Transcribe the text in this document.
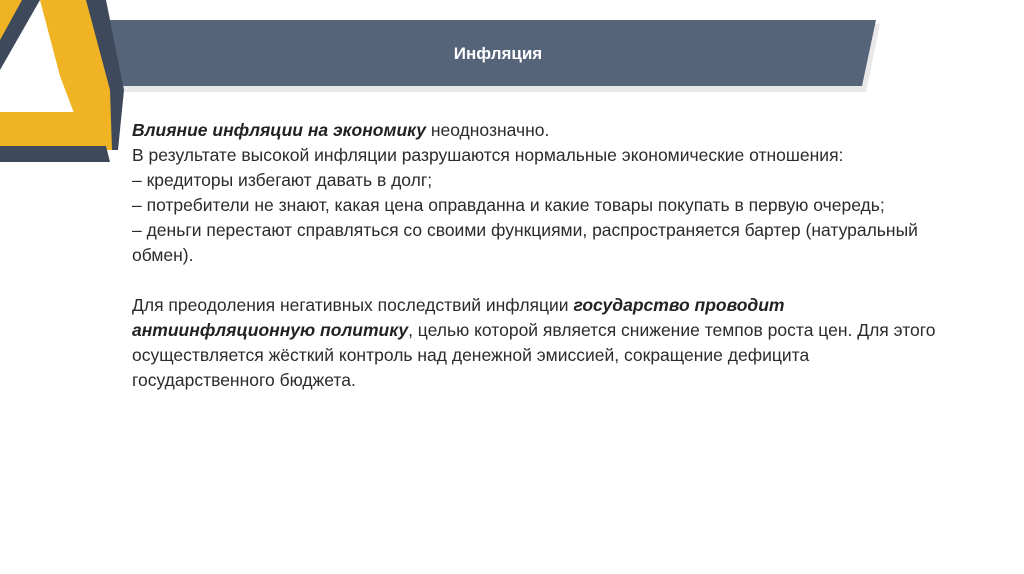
Инфляция

Влияние инфляции на экономику неоднозначно.

В результате высокой инфляции разрушаются нормальные экономические отношения:

– кредиторы избегают давать в долг;

– потребители не знают, какая цена оправданна и какие товары покупать в первую очередь;

– деньги перестают справляться со своими функциями, распространяется бартер (натуральный обмен).

Для преодоления негативных последствий инфляции государство проводит антиинфляционную политику, целью которой является снижение темпов роста цен. Для этого осуществляется жёсткий контроль над денежной эмиссией, сокращение дефицита государственного бюджета.
